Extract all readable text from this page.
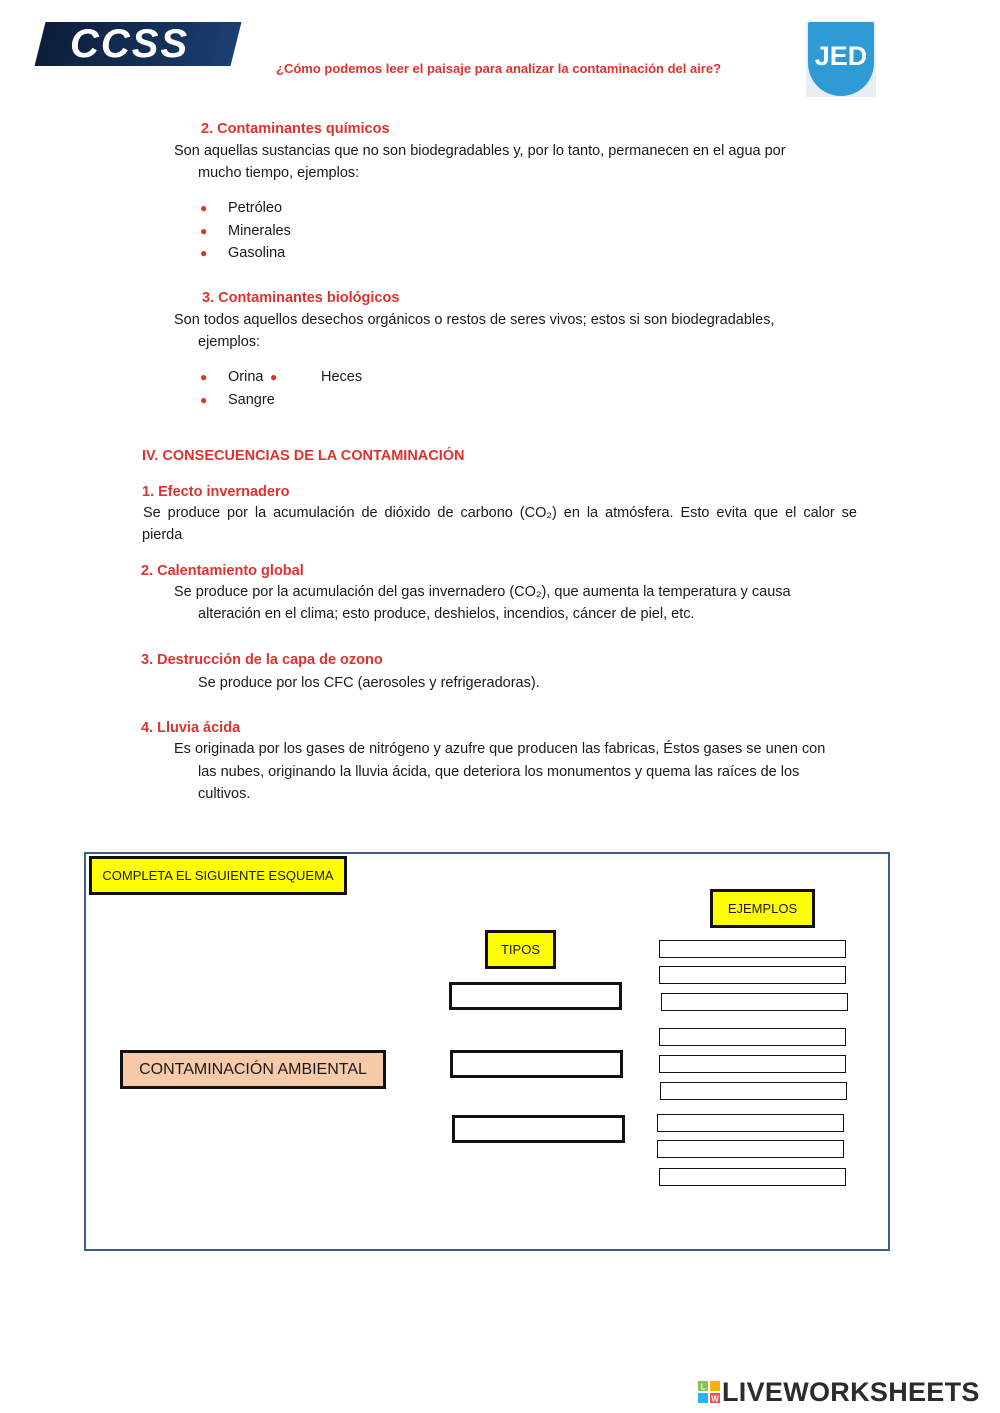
CCSS
¿Cómo podemos leer el paisaje para analizar la contaminación del aire?	JED
2. Contaminantes químicos
Son aquellas sustancias que no son biodegradables y, por lo tanto, permanecen en el agua por
mucho tiempo, ejemplos:
● Petróleo
● Minerales
● Gasolina
3. Contaminantes biológicos
Son todos aquellos desechos orgánicos o restos de seres vivos; estos si son biodegradables,
ejemplos:
● Orina ●	Heces
● Sangre
IV. CONSECUENCIAS DE LA CONTAMINACIÓN
1. Efecto invernadero
Se produce por la acumulación de dióxido de carbono (CO₂) en la atmósfera. Esto evita que el calor se
pierda
2. Calentamiento global
Se produce por la acumulación del gas invernadero (CO₂), que aumenta la temperatura y causa
alteración en el clima; esto produce, deshielos, incendios, cáncer de piel, etc.
3. Destrucción de la capa de ozono
Se produce por los CFC (aerosoles y refrigeradoras).
4. Lluvia ácida
Es originada por los gases de nitrógeno y azufre que producen las fabricas, Éstos gases se unen con
las nubes, originando la lluvia ácida, que deteriora los monumentos y quema las raíces de los
cultivos.
COMPLETA EL SIGUIENTE ESQUEMA
EJEMPLOS
TIPOS
CONTAMINACIÓN AMBIENTAL
L
W LIVEWORKSHEETS
